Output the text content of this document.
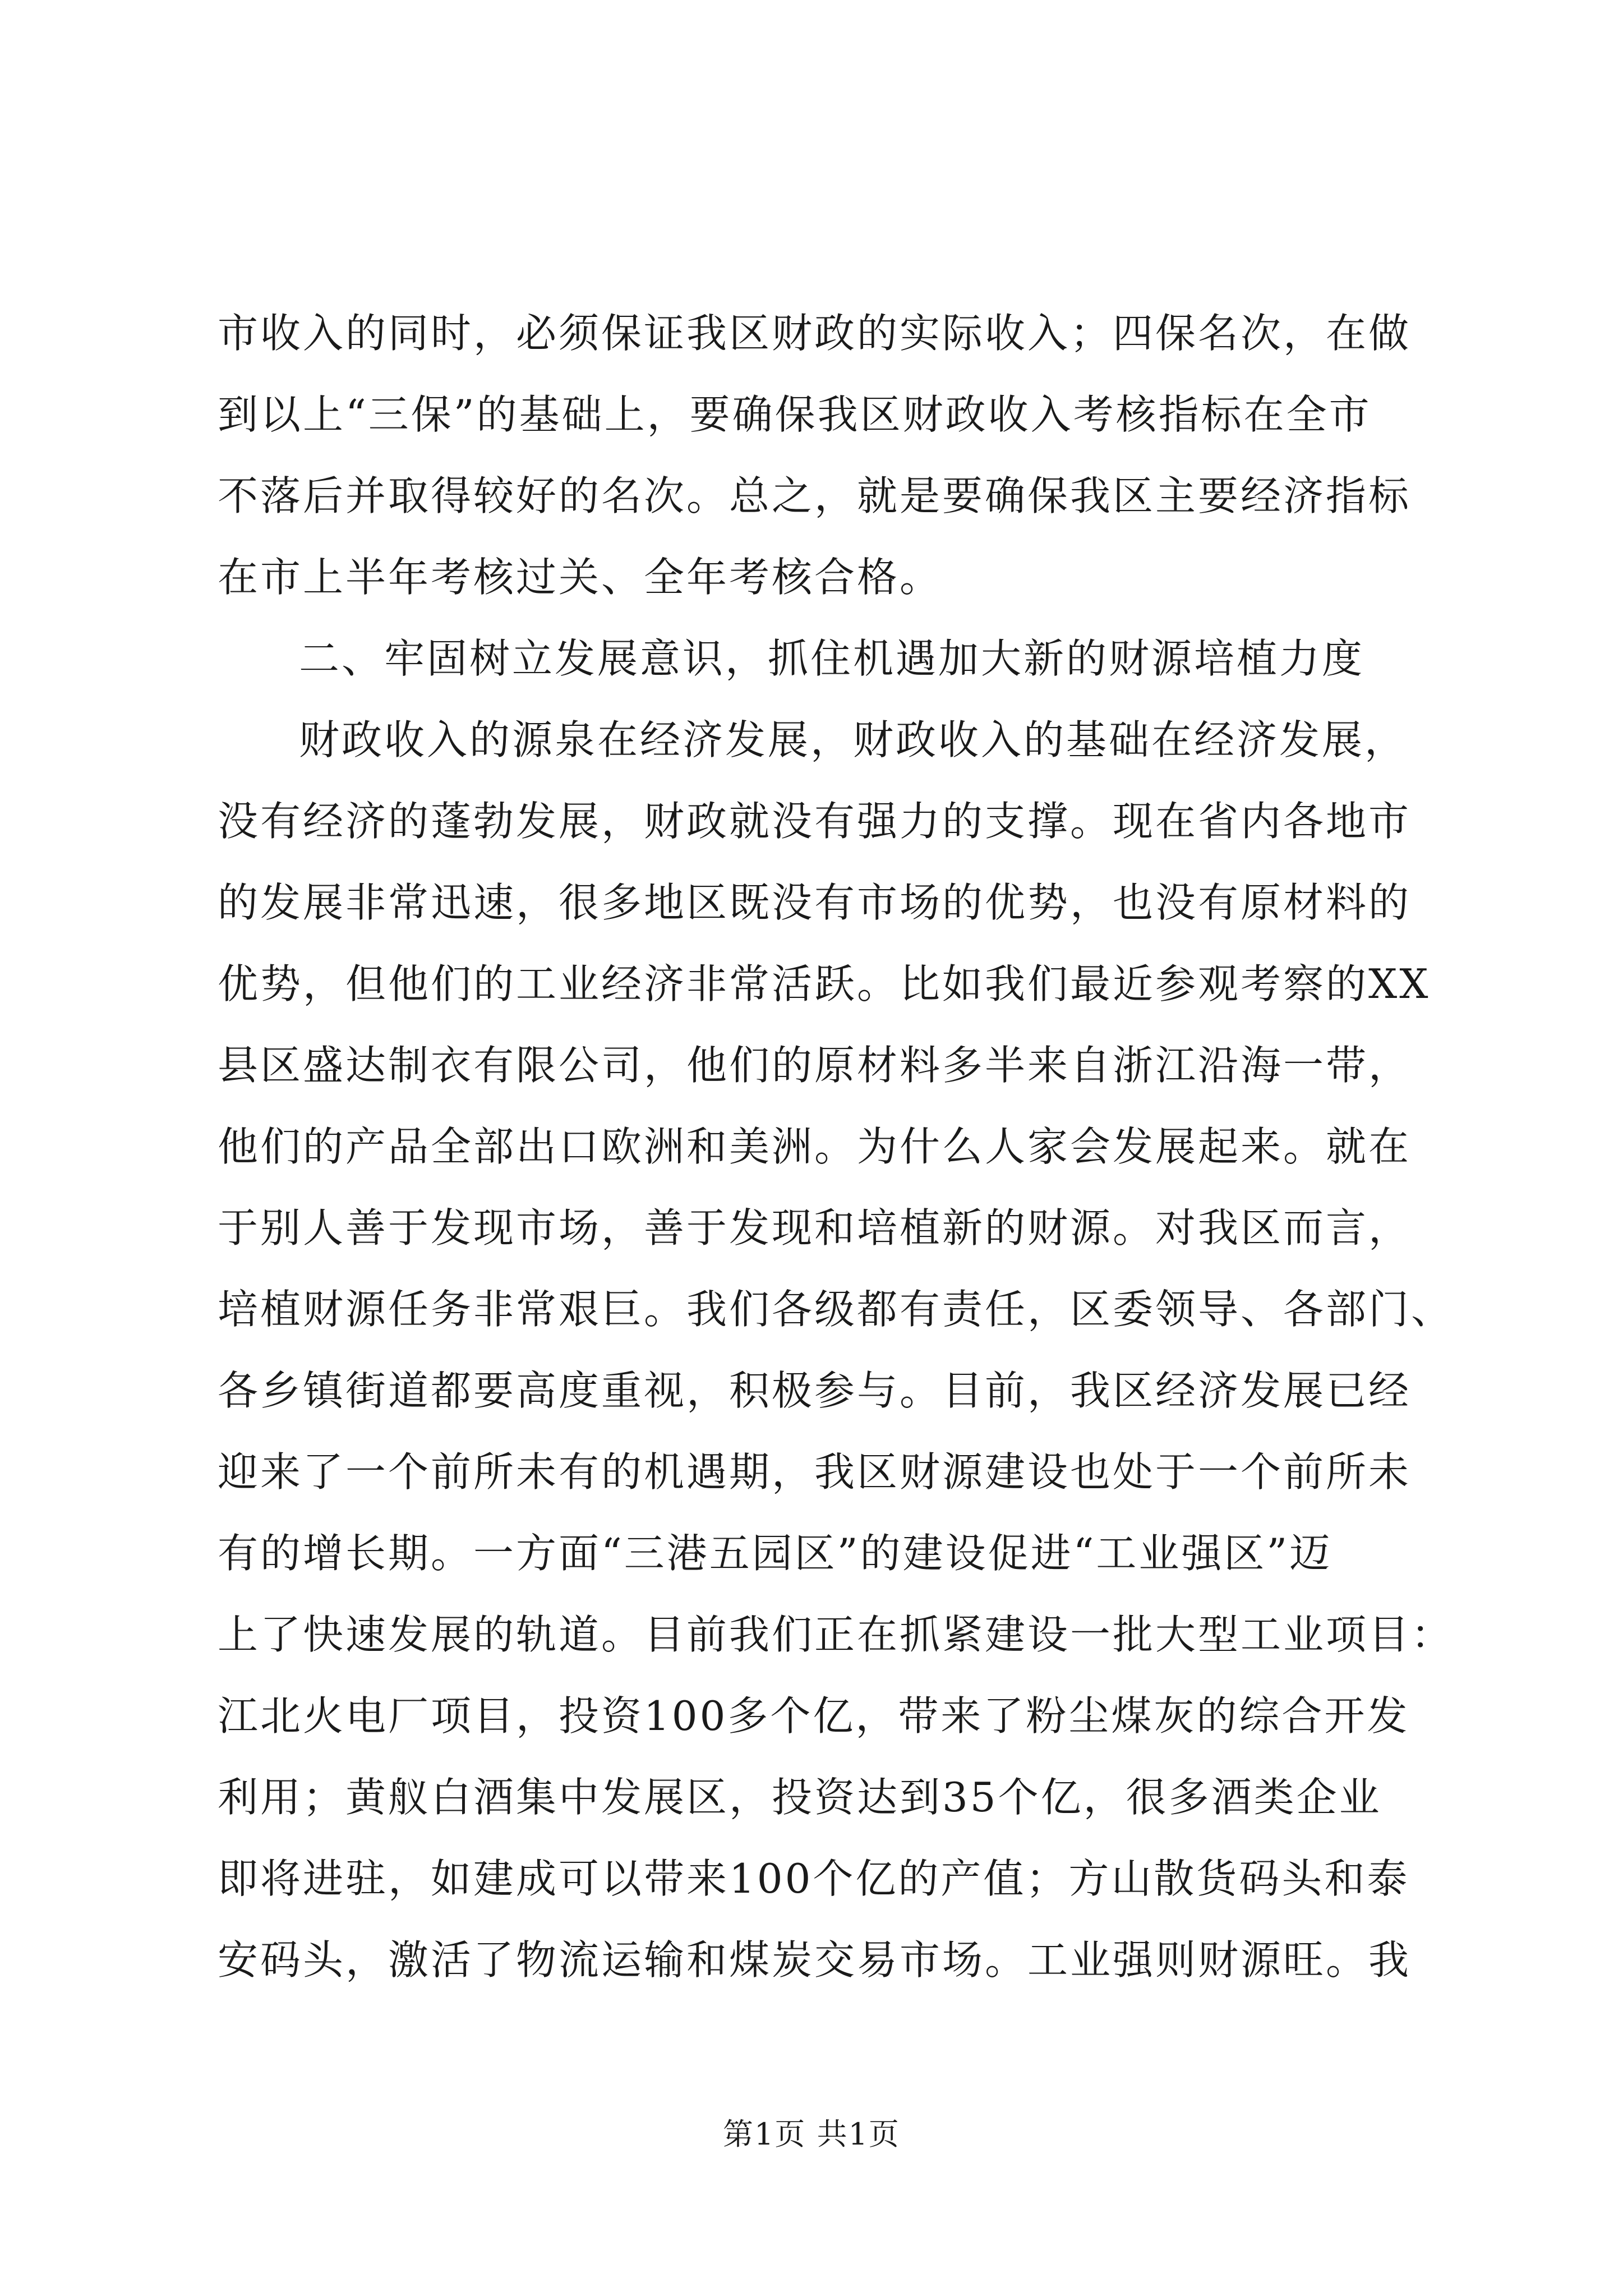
市收入的同时，必须保证我区财政的实际收入；四保名次，在做
到以上“三保”的基础上，要确保我区财政收入考核指标在全市
不落后并取得较好的名次。总之，就是要确保我区主要经济指标
在市上半年考核过关、全年考核合格。
二、牢固树立发展意识，抓住机遇加大新的财源培植力度
财政收入的源泉在经济发展，财政收入的基础在经济发展，
没有经济的蓬勃发展，财政就没有强力的支撑。现在省内各地市
的发展非常迅速，很多地区既没有市场的优势，也没有原材料的
优势，但他们的工业经济非常活跃。比如我们最近参观考察的XX
县区盛达制衣有限公司，他们的原材料多半来自浙江沿海一带，
他们的产品全部出口欧洲和美洲。为什么人家会发展起来。就在
于别人善于发现市场，善于发现和培植新的财源。对我区而言，
培植财源任务非常艰巨。我们各级都有责任，区委领导、各部门、
各乡镇街道都要高度重视，积极参与。目前，我区经济发展已经
迎来了一个前所未有的机遇期，我区财源建设也处于一个前所未
有的增长期。一方面“三港五园区”的建设促进“工业强区”迈
上了快速发展的轨道。目前我们正在抓紧建设一批大型工业项目：
江北火电厂项目，投资100多个亿，带来了粉尘煤灰的综合开发
利用；黄舣白酒集中发展区，投资达到35个亿，很多酒类企业
即将进驻，如建成可以带来100个亿的产值；方山散货码头和泰
安码头，激活了物流运输和煤炭交易市场。工业强则财源旺。我
第1页 共1页
